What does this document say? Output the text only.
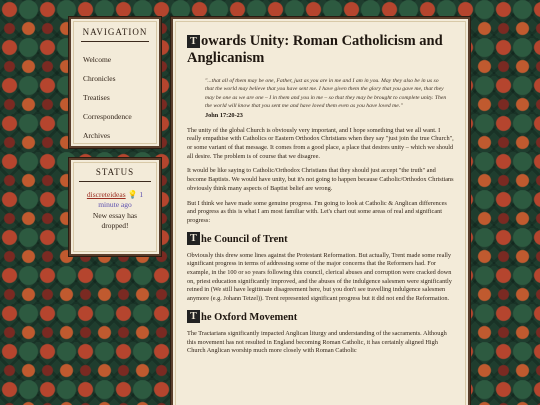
NAVIGATION
Welcome
Chronicles
Treatises
Correspondence
Archives
STATUS
discreteideas 💡 1 minute ago
New essay has dropped!
T owards Unity: Roman Catholicism and Anglicanism
"...that all of them may be one, Father, just as you are in me and I am in you. May they also be in us so that the world may believe that you have sent me. I have given them the glory that you gave me, that they may be one as we are one – I in them and you in me – so that they may be brought to complete unity. Then the world will know that you sent me and have loved them even as you have loved me."
John 17:20-23

The unity of the global Church is obviously very important, and I hope something that we all want. I really empathise with Catholics or Eastern Orthodox Christians when they say "just join the true Church", or some variant of that message. It comes from a good place, a place that desires unity – which we should all desire. The problem is of course that we disagree.

It would be like saying to Catholic/Orthodox Christians that they should just accept "the truth" and become Baptists. We would have unity, but it's not going to happen because Catholic/Orthodox Christians obviously think many aspects of Baptist belief are wrong.

But I think we have made some genuine progress. I'm going to look at Catholic & Anglican differences and progress as this is what I am most familiar with. Let's chart out some areas of real and significant progress:

T he Council of Trent

Obviously this drew some lines against the Protestant Reformation. But actually, Trent made some really significant progress in terms of addressing some of the major concerns that the Reformers had. For example, in the 100 or so years following this council, clerical abuses and corruption were cracked down on, priest education significantly improved, and the abuses of the indulgence salesmen were significantly reined in (We still have legitimate disagreement here, but you don't see travelling indulgence salesmen anymore (e.g. Johann Tetzel)). Trent represented significant progress but it did not end the Reformation.

T he Oxford Movement

The Tractarians significantly impacted Anglican liturgy and understanding of the sacraments. Although this movement has not resulted in England becoming Roman Catholic, it has certainly aligned High Church Anglican worship much more closely with Roman Catholic
